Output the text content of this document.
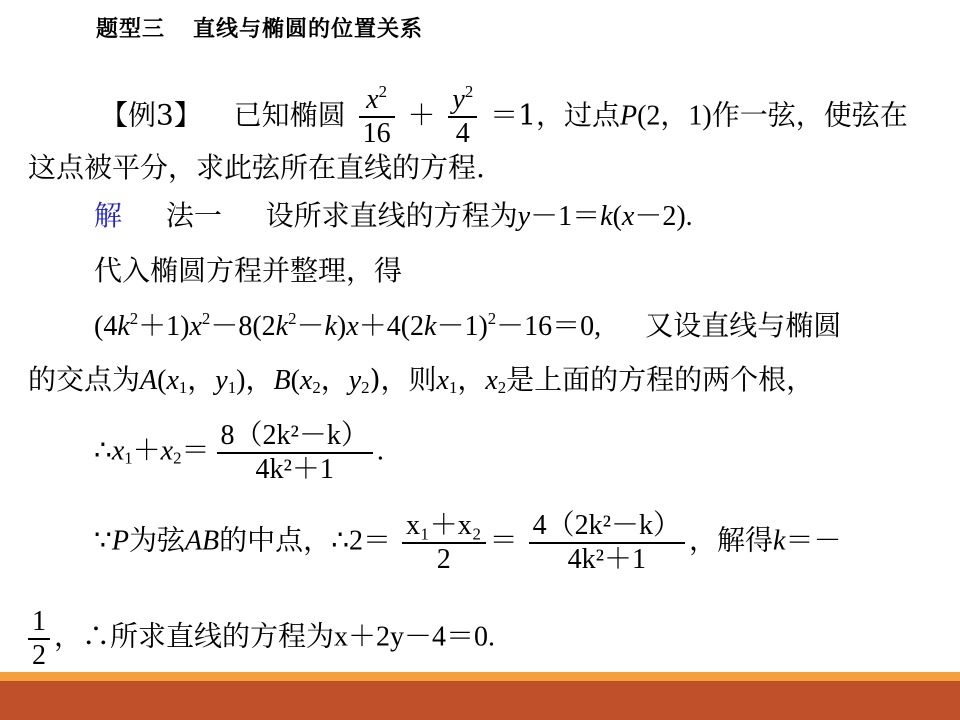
题型三 直线与椭圆的位置关系
【例3】 已知椭圆 $\frac{x^2}{16} + \frac{y^2}{4} =1$，过点P(2，1)作一弦，使弦在
这点被平分，求此弦所在直线的方程.
解 法一 设所求直线的方程为y－1＝k(x－2).
代入椭圆方程并整理，得
$(4k^2+1)x^2-8(2k^2-k)x+4(2k-1)^2-16=0$, 又设直线与椭圆
的交点为$A(x_1$，$y_1$)，$B(x_2$，$y_2$)，则$x_1$，$x_2$是上面的方程的两个根，
$\therefore x_1+x_2= \frac{\text{8（2k²－k）}}{\text{4k²＋1}}$ .
∵P为弦AB的中点，∴2＝ $\frac{\text{x₁＋x₂}}{2} = \frac{\text{4（2k²－k）}}{\text{4k²＋1}}$ ，解得k＝－
$\frac{1}{2}$ ，∴所求直线的方程为x＋2y－4＝0.
